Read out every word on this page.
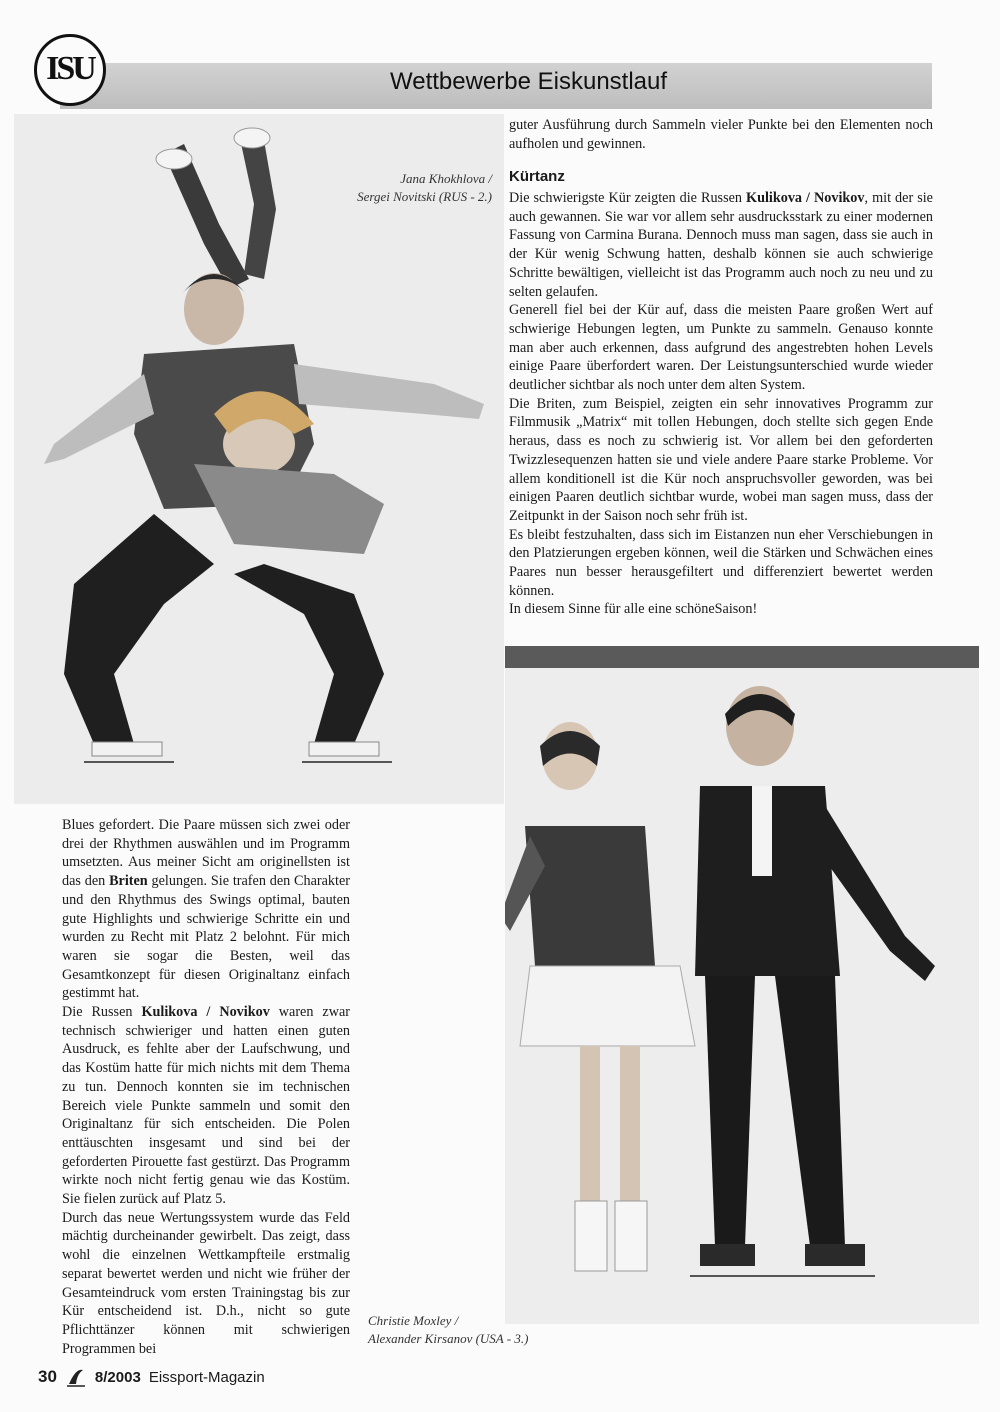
Wettbewerbe Eiskunstlauf
ISU
Jana Khokhlova /
Sergei Novitski (RUS - 2.)

guter Ausführung durch Sammeln vieler Punkte bei den Elementen noch aufholen und gewinnen.

Kürtanz

Die schwierigste Kür zeigten die Russen Kulikova / Novikov, mit der sie auch gewannen. Sie war vor allem sehr ausdrucksstark zu einer modernen Fassung von Carmina Burana. Dennoch muss man sagen, dass sie auch in der Kür wenig Schwung hatten, deshalb können sie auch schwierige Schritte bewältigen, vielleicht ist das Programm auch noch zu neu und zu selten gelaufen.

Generell fiel bei der Kür auf, dass die meisten Paare großen Wert auf schwierige Hebungen legten, um Punkte zu sammeln. Genauso konnte man aber auch erkennen, dass aufgrund des angestrebten hohen Levels einige Paare überfordert waren. Der Leistungsunterschied wurde wieder deutlicher sichtbar als noch unter dem alten System.

Die Briten, zum Beispiel, zeigten ein sehr innovatives Programm zur Filmmusik „Matrix“ mit tollen Hebungen, doch stellte sich gegen Ende heraus, dass es noch zu schwierig ist. Vor allem bei den geforderten Twizzlesequenzen hatten sie und viele andere Paare starke Probleme. Vor allem konditionell ist die Kür noch anspruchsvoller geworden, was bei einigen Paaren deutlich sichtbar wurde, wobei man sagen muss, dass der Zeitpunkt in der Saison noch sehr früh ist.

Es bleibt festzuhalten, dass sich im Eistanzen nun eher Verschiebungen in den Platzierungen ergeben können, weil die Stärken und Schwächen eines Paares nun besser herausgefiltert und differenziert bewertet werden können.

In diesem Sinne für alle eine schöneSaison!

Christie Moxley /
Alexander Kirsanov (USA - 3.)

Blues gefordert. Die Paare müssen sich zwei oder drei der Rhythmen auswählen und im Programm umsetzten. Aus meiner Sicht am originellsten ist das den Briten gelungen. Sie trafen den Charakter und den Rhythmus des Swings optimal, bauten gute Highlights und schwierige Schritte ein und wurden zu Recht mit Platz 2 belohnt. Für mich waren sie sogar die Besten, weil das Gesamtkonzept für diesen Originaltanz einfach gestimmt hat.

Die Russen Kulikova / Novikov waren zwar technisch schwieriger und hatten einen guten Ausdruck, es fehlte aber der Laufschwung, und das Kostüm hatte für mich nichts mit dem Thema zu tun. Dennoch konnten sie im technischen Bereich viele Punkte sammeln und somit den Originaltanz für sich entscheiden. Die Polen enttäuschten insgesamt und sind bei der geforderten Pirouette fast gestürzt. Das Programm wirkte noch nicht fertig genau wie das Kostüm. Sie fielen zurück auf Platz 5.

Durch das neue Wertungssystem wurde das Feld mächtig durcheinander gewirbelt. Das zeigt, dass wohl die einzelnen Wettkampfteile erstmalig separat bewertet werden und nicht wie früher der Gesamteindruck vom ersten Trainingstag bis zur Kür entscheidend ist. D.h., nicht so gute Pflichttänzer können mit schwierigen Programmen bei

30	8/2003 Eissport-Magazin
